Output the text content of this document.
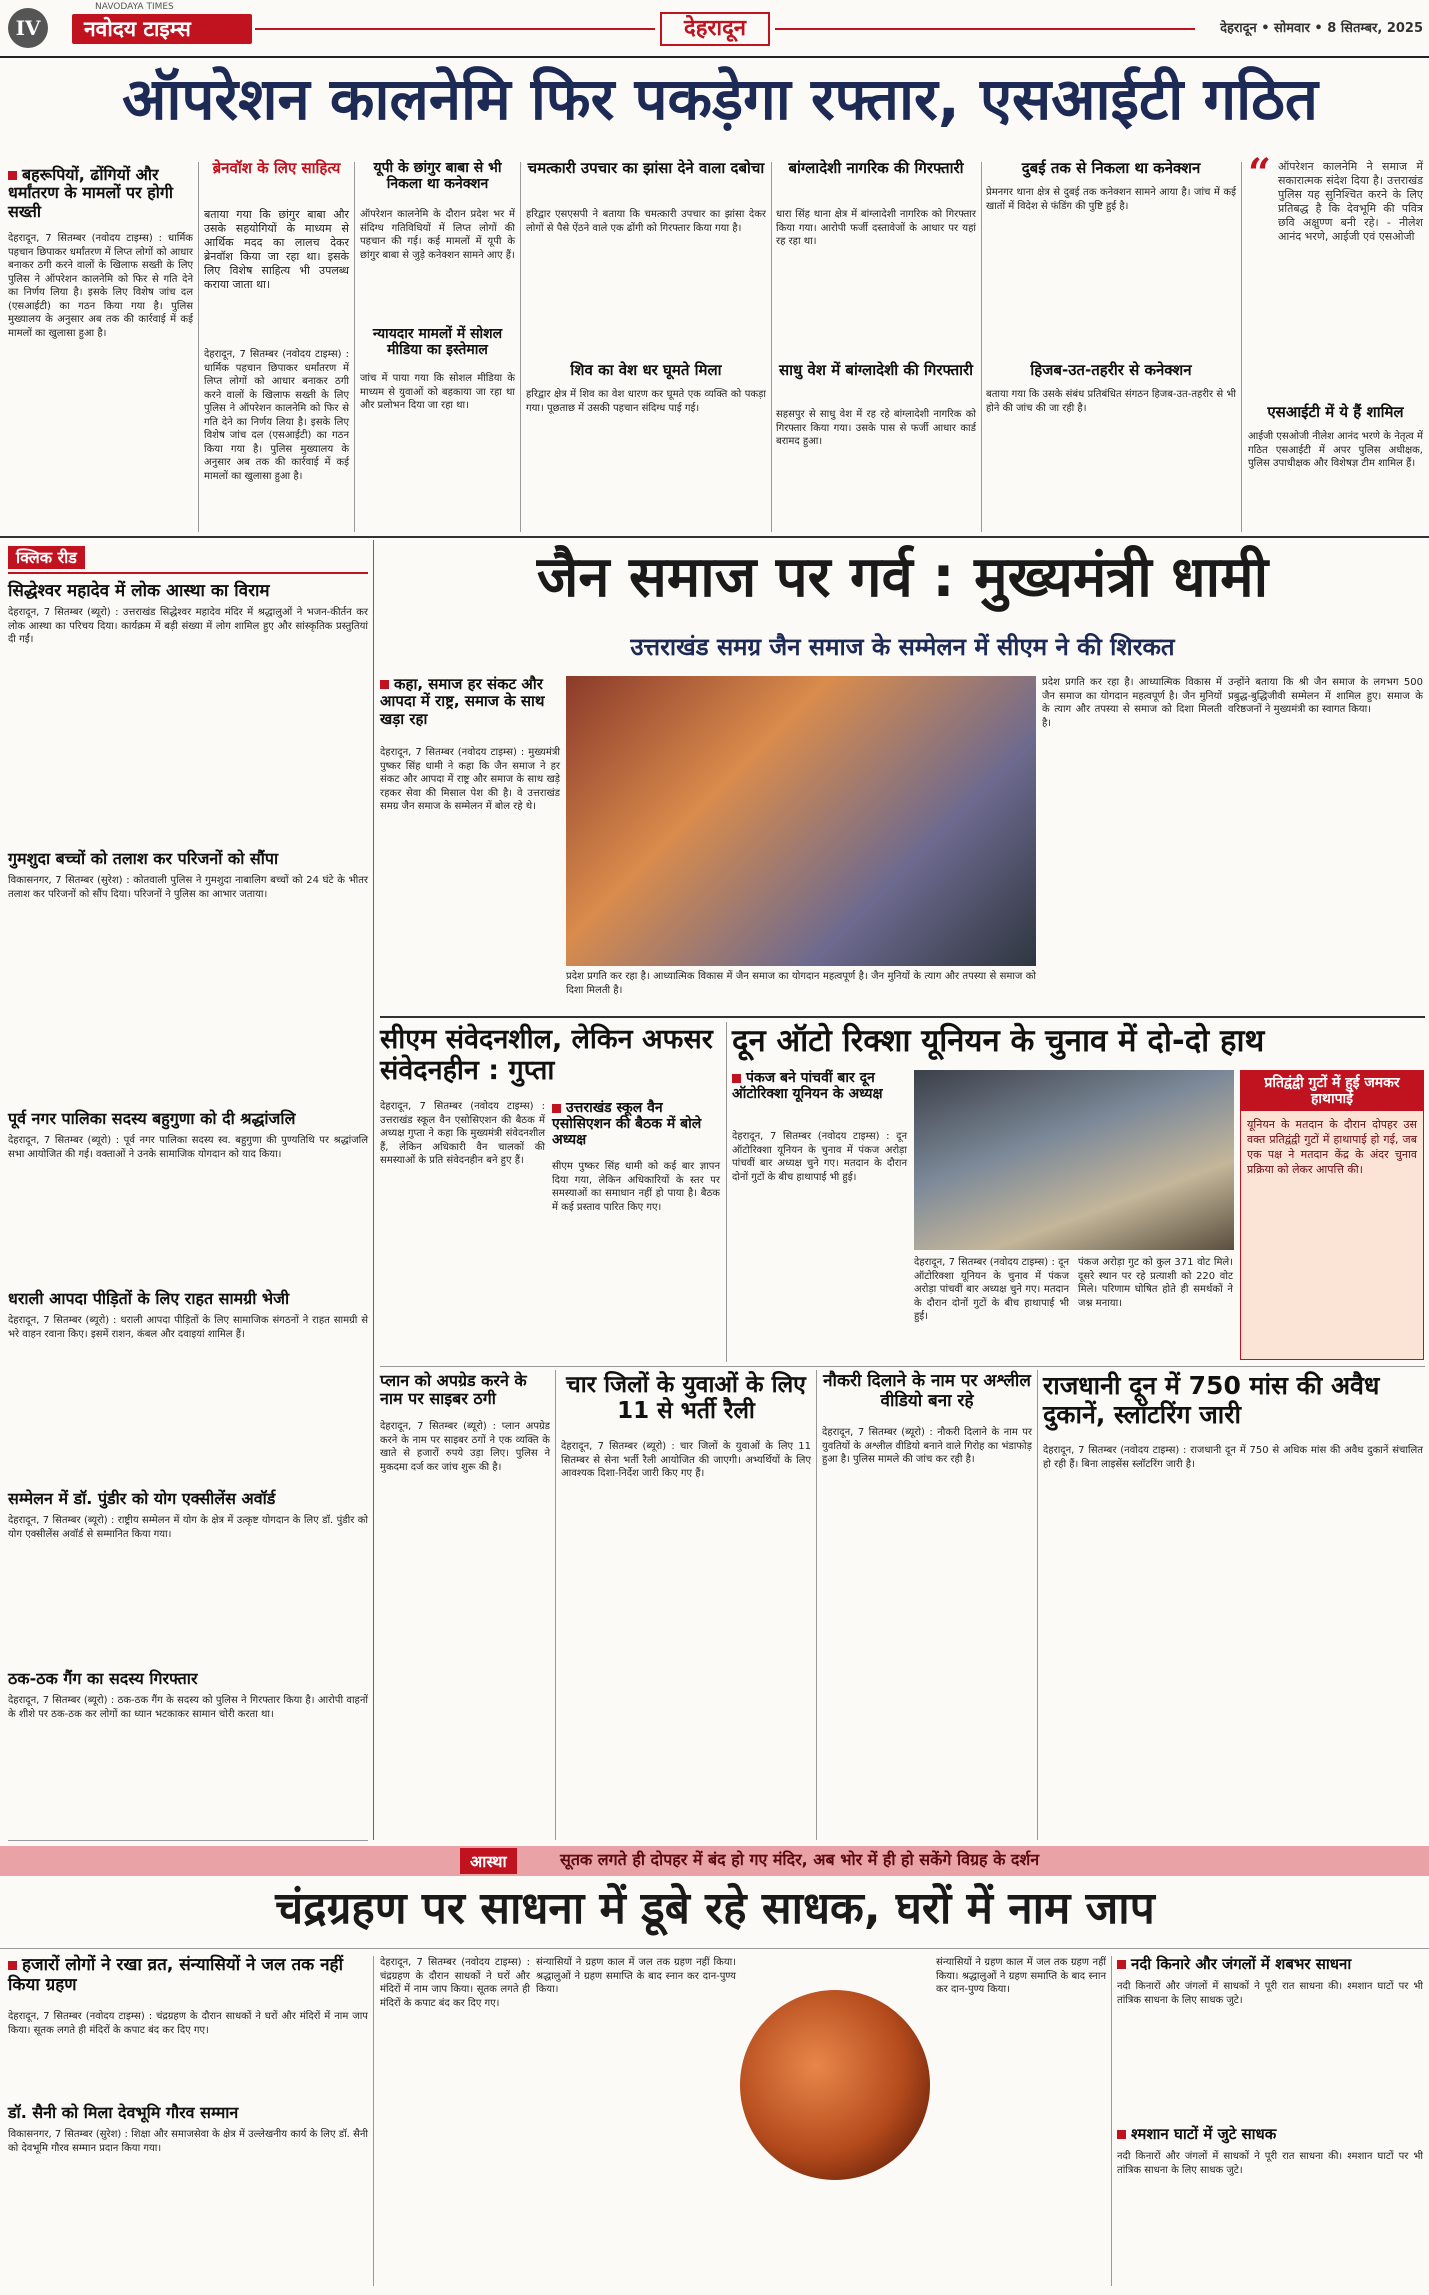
IV
NAVODAYA TIMES
नवोदय टाइम्स	देहरादून	देहरादून • सोमवार • 8 सितम्बर, 2025
ऑपरेशन कालनेमि फिर पकड़ेगा रफ्तार, एसआईटी गठित
बहरूपियों, ढोंगियों और धर्मांतरण के मामलों पर होगी सख्ती
देहरादून, 7 सितम्बर (नवोदय टाइम्स) : धार्मिक पहचान छिपाकर धर्मांतरण में लिप्त लोगों को आधार बनाकर ठगी करने वालों के खिलाफ सख्ती के लिए पुलिस ने ऑपरेशन कालनेमि को फिर से गति देने का निर्णय लिया है। इसके लिए विशेष जांच दल (एसआईटी) का गठन किया गया है। पुलिस मुख्यालय के अनुसार अब तक की कार्रवाई में कई मामलों का खुलासा हुआ है।
ब्रेनवॉश के लिए साहित्य
बताया गया कि छांगुर बाबा और उसके सहयोगियों के माध्यम से आर्थिक मदद का लालच देकर ब्रेनवॉश किया जा रहा था। इसके लिए विशेष साहित्य भी उपलब्ध कराया जाता था।
देहरादून, 7 सितम्बर (नवोदय टाइम्स) : धार्मिक पहचान छिपाकर धर्मांतरण में लिप्त लोगों को आधार बनाकर ठगी करने वालों के खिलाफ सख्ती के लिए पुलिस ने ऑपरेशन कालनेमि को फिर से गति देने का निर्णय लिया है। इसके लिए विशेष जांच दल (एसआईटी) का गठन किया गया है। पुलिस मुख्यालय के अनुसार अब तक की कार्रवाई में कई मामलों का खुलासा हुआ है।
यूपी के छांगुर बाबा से भी निकला था कनेक्शन
ऑपरेशन कालनेमि के दौरान प्रदेश भर में संदिग्ध गतिविधियों में लिप्त लोगों की पहचान की गई। कई मामलों में यूपी के छांगुर बाबा से जुड़े कनेक्शन सामने आए हैं।
न्यायदार मामलों में सोशल मीडिया का इस्तेमाल
जांच में पाया गया कि सोशल मीडिया के माध्यम से युवाओं को बहकाया जा रहा था और प्रलोभन दिया जा रहा था।
चमत्कारी उपचार का झांसा देने वाला दबोचा
हरिद्वार एसएसपी ने बताया कि चमत्कारी उपचार का झांसा देकर लोगों से पैसे ऐंठने वाले एक ढोंगी को गिरफ्तार किया गया है।
शिव का वेश धर घूमते मिला
हरिद्वार क्षेत्र में शिव का वेश धारण कर घूमते एक व्यक्ति को पकड़ा गया। पूछताछ में उसकी पहचान संदिग्ध पाई गई।
बांग्लादेशी नागरिक की गिरफ्तारी
धारा सिंह थाना क्षेत्र में बांग्लादेशी नागरिक को गिरफ्तार किया गया। आरोपी फर्जी दस्तावेजों के आधार पर यहां रह रहा था।
साधु वेश में बांग्लादेशी की गिरफ्तारी
सहसपुर से साधु वेश में रह रहे बांग्लादेशी नागरिक को गिरफ्तार किया गया। उसके पास से फर्जी आधार कार्ड बरामद हुआ।
दुबई तक से निकला था कनेक्शन
प्रेमनगर थाना क्षेत्र से दुबई तक कनेक्शन सामने आया है। जांच में कई खातों में विदेश से फंडिंग की पुष्टि हुई है।
हिजब-उत-तहरीर से कनेक्शन
बताया गया कि उसके संबंध प्रतिबंधित संगठन हिजब-उत-तहरीर से भी होने की जांच की जा रही है।
“ ऑपरेशन कालनेमि ने समाज में सकारात्मक संदेश दिया है। उत्तराखंड पुलिस यह सुनिश्चित करने के लिए प्रतिबद्ध है कि देवभूमि की पवित्र छवि अक्षुण्ण बनी रहे। - नीलेश आनंद भरणे, आईजी एवं एसओजी
एसआईटी में ये हैं शामिल
आईजी एसओजी नीलेश आनंद भरणे के नेतृत्व में गठित एसआईटी में अपर पुलिस अधीक्षक, पुलिस उपाधीक्षक और विशेषज्ञ टीम शामिल हैं।
क्लिक रीड
सिद्धेश्वर महादेव में लोक आस्था का विराम
देहरादून, 7 सितम्बर (ब्यूरो) : उत्तराखंड सिद्धेश्वर महादेव मंदिर में श्रद्धालुओं ने भजन-कीर्तन कर लोक आस्था का परिचय दिया। कार्यक्रम में बड़ी संख्या में लोग शामिल हुए और सांस्कृतिक प्रस्तुतियां दी गईं।
गुमशुदा बच्चों को तलाश कर परिजनों को सौंपा
विकासनगर, 7 सितम्बर (सुरेश) : कोतवाली पुलिस ने गुमशुदा नाबालिग बच्चों को 24 घंटे के भीतर तलाश कर परिजनों को सौंप दिया। परिजनों ने पुलिस का आभार जताया।
पूर्व नगर पालिका सदस्य बहुगुणा को दी श्रद्धांजलि
देहरादून, 7 सितम्बर (ब्यूरो) : पूर्व नगर पालिका सदस्य स्व. बहुगुणा की पुण्यतिथि पर श्रद्धांजलि सभा आयोजित की गई। वक्ताओं ने उनके सामाजिक योगदान को याद किया।
धराली आपदा पीड़ितों के लिए राहत सामग्री भेजी
देहरादून, 7 सितम्बर (ब्यूरो) : धराली आपदा पीड़ितों के लिए सामाजिक संगठनों ने राहत सामग्री से भरे वाहन रवाना किए। इसमें राशन, कंबल और दवाइयां शामिल हैं।
सम्मेलन में डॉ. पुंडीर को योग एक्सीलेंस अवॉर्ड
देहरादून, 7 सितम्बर (ब्यूरो) : राष्ट्रीय सम्मेलन में योग के क्षेत्र में उत्कृष्ट योगदान के लिए डॉ. पुंडीर को योग एक्सीलेंस अवॉर्ड से सम्मानित किया गया।
ठक-ठक गैंग का सदस्य गिरफ्तार
देहरादून, 7 सितम्बर (ब्यूरो) : ठक-ठक गैंग के सदस्य को पुलिस ने गिरफ्तार किया है। आरोपी वाहनों के शीशे पर ठक-ठक कर लोगों का ध्यान भटकाकर सामान चोरी करता था।
जैन समाज पर गर्व : मुख्यमंत्री धामी
उत्तराखंड समग्र जैन समाज के सम्मेलन में सीएम ने की शिरकत
कहा, समाज हर संकट और आपदा में राष्ट्र, समाज के साथ खड़ा रहा
देहरादून, 7 सितम्बर (नवोदय टाइम्स) : मुख्यमंत्री पुष्कर सिंह धामी ने कहा कि जैन समाज ने हर संकट और आपदा में राष्ट्र और समाज के साथ खड़े रहकर सेवा की मिसाल पेश की है। वे उत्तराखंड समग्र जैन समाज के सम्मेलन में बोल रहे थे।
प्रदेश प्रगति कर रहा है। आध्यात्मिक विकास में जैन समाज का योगदान महत्वपूर्ण है। जैन मुनियों के त्याग और तपस्या से समाज को दिशा मिलती है।
प्रदेश प्रगति कर रहा है। आध्यात्मिक विकास में जैन समाज का योगदान महत्वपूर्ण है। जैन मुनियों के त्याग और तपस्या से समाज को दिशा मिलती है।
उन्होंने बताया कि श्री जैन समाज के लगभग 500 प्रबुद्ध-बुद्धिजीवी सम्मेलन में शामिल हुए। समाज के वरिष्ठजनों ने मुख्यमंत्री का स्वागत किया।
सीएम संवेदनशील, लेकिन अफसर संवेदनहीन : गुप्ता
देहरादून, 7 सितम्बर (नवोदय टाइम्स) : उत्तराखंड स्कूल वैन एसोसिएशन की बैठक में अध्यक्ष गुप्ता ने कहा कि मुख्यमंत्री संवेदनशील हैं, लेकिन अधिकारी वैन चालकों की समस्याओं के प्रति संवेदनहीन बने हुए हैं।
उत्तराखंड स्कूल वैन एसोसिएशन की बैठक में बोले अध्यक्ष
सीएम पुष्कर सिंह धामी को कई बार ज्ञापन दिया गया, लेकिन अधिकारियों के स्तर पर समस्याओं का समाधान नहीं हो पाया है। बैठक में कई प्रस्ताव पारित किए गए।
दून ऑटो रिक्शा यूनियन के चुनाव में दो-दो हाथ
पंकज बने पांचवीं बार दून ऑटोरिक्शा यूनियन के अध्यक्ष
देहरादून, 7 सितम्बर (नवोदय टाइम्स) : दून ऑटोरिक्शा यूनियन के चुनाव में पंकज अरोड़ा पांचवीं बार अध्यक्ष चुने गए। मतदान के दौरान दोनों गुटों के बीच हाथापाई भी हुई।
देहरादून, 7 सितम्बर (नवोदय टाइम्स) : दून ऑटोरिक्शा यूनियन के चुनाव में पंकज अरोड़ा पांचवीं बार अध्यक्ष चुने गए। मतदान के दौरान दोनों गुटों के बीच हाथापाई भी हुई।
पंकज अरोड़ा गुट को कुल 371 वोट मिले। दूसरे स्थान पर रहे प्रत्याशी को 220 वोट मिले। परिणाम घोषित होते ही समर्थकों ने जश्न मनाया।
प्रतिद्वंद्वी गुटों में हुई जमकर हाथापाई
यूनियन के मतदान के दौरान दोपहर उस वक्त प्रतिद्वंद्वी गुटों में हाथापाई हो गई, जब एक पक्ष ने मतदान केंद्र के अंदर चुनाव प्रक्रिया को लेकर आपत्ति की।
प्लान को अपग्रेड करने के नाम पर साइबर ठगी
देहरादून, 7 सितम्बर (ब्यूरो) : प्लान अपग्रेड करने के नाम पर साइबर ठगों ने एक व्यक्ति के खाते से हजारों रुपये उड़ा लिए। पुलिस ने मुकदमा दर्ज कर जांच शुरू की है।
चार जिलों के युवाओं के लिए 11 से भर्ती रैली
देहरादून, 7 सितम्बर (ब्यूरो) : चार जिलों के युवाओं के लिए 11 सितम्बर से सेना भर्ती रैली आयोजित की जाएगी। अभ्यर्थियों के लिए आवश्यक दिशा-निर्देश जारी किए गए हैं।
नौकरी दिलाने के नाम पर अश्लील वीडियो बना रहे
देहरादून, 7 सितम्बर (ब्यूरो) : नौकरी दिलाने के नाम पर युवतियों के अश्लील वीडियो बनाने वाले गिरोह का भंडाफोड़ हुआ है। पुलिस मामले की जांच कर रही है।
राजधानी दून में 750 मांस की अवैध दुकानें, स्लॉटरिंग जारी
देहरादून, 7 सितम्बर (नवोदय टाइम्स) : राजधानी दून में 750 से अधिक मांस की अवैध दुकानें संचालित हो रही हैं। बिना लाइसेंस स्लॉटरिंग जारी है।
आस्था	सूतक लगते ही दोपहर में बंद हो गए मंदिर, अब भोर में ही हो सकेंगे विग्रह के दर्शन
चंद्रग्रहण पर साधना में डूबे रहे साधक, घरों में नाम जाप
हजारों लोगों ने रखा व्रत, संन्यासियों ने जल तक नहीं किया ग्रहण
देहरादून, 7 सितम्बर (नवोदय टाइम्स) : चंद्रग्रहण के दौरान साधकों ने घरों और मंदिरों में नाम जाप किया। सूतक लगते ही मंदिरों के कपाट बंद कर दिए गए।
डॉ. सैनी को मिला देवभूमि गौरव सम्मान
विकासनगर, 7 सितम्बर (सुरेश) : शिक्षा और समाजसेवा के क्षेत्र में उल्लेखनीय कार्य के लिए डॉ. सैनी को देवभूमि गौरव सम्मान प्रदान किया गया।
देहरादून, 7 सितम्बर (नवोदय टाइम्स) : चंद्रग्रहण के दौरान साधकों ने घरों और मंदिरों में नाम जाप किया। सूतक लगते ही मंदिरों के कपाट बंद कर दिए गए।
संन्यासियों ने ग्रहण काल में जल तक ग्रहण नहीं किया। श्रद्धालुओं ने ग्रहण समाप्ति के बाद स्नान कर दान-पुण्य किया।
संन्यासियों ने ग्रहण काल में जल तक ग्रहण नहीं किया। श्रद्धालुओं ने ग्रहण समाप्ति के बाद स्नान कर दान-पुण्य किया।
नदी किनारे और जंगलों में शबभर साधना
नदी किनारों और जंगलों में साधकों ने पूरी रात साधना की। श्मशान घाटों पर भी तांत्रिक साधना के लिए साधक जुटे।
श्मशान घाटों में जुटे साधक
नदी किनारों और जंगलों में साधकों ने पूरी रात साधना की। श्मशान घाटों पर भी तांत्रिक साधना के लिए साधक जुटे।
